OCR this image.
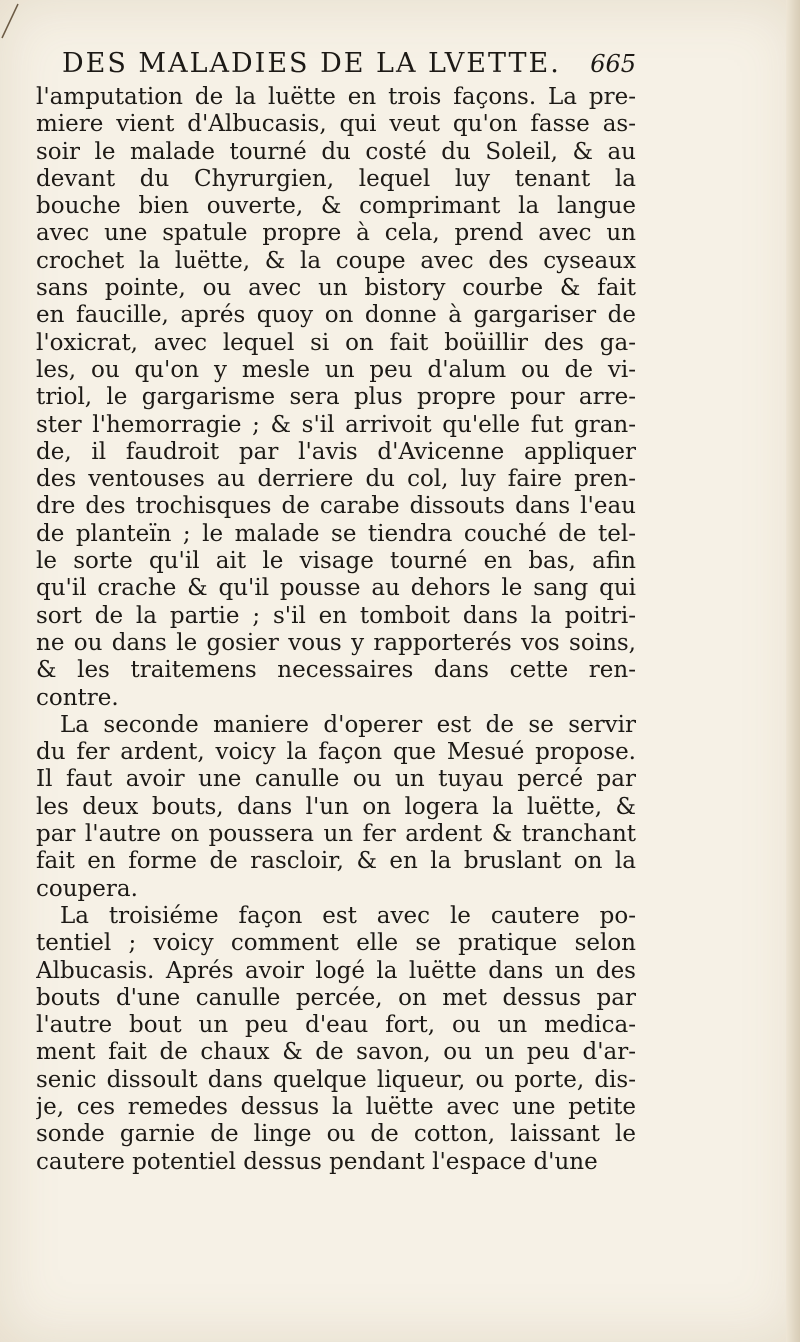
DES MALADIES DE LA LVETTE. 665
l'amputation de la luëtte en trois façons. La pre-
miere vient d'Albucasis, qui veut qu'on fasse as-
soir le malade tourné du costé du Soleil, & au
devant du Chyrurgien, lequel luy tenant la
bouche bien ouverte, & comprimant la langue
avec une spatule propre à cela, prend avec un
crochet la luëtte, & la coupe avec des cyseaux
sans pointe, ou avec un bistory courbe & fait
en faucille, aprés quoy on donne à gargariser de
l'oxicrat, avec lequel si on fait boüillir des ga-
les, ou qu'on y mesle un peu d'alum ou de vi-
triol, le gargarisme sera plus propre pour arre-
ster l'hemorragie ; & s'il arrivoit qu'elle fut gran-
de, il faudroit par l'avis d'Avicenne appliquer
des ventouses au derriere du col, luy faire pren-
dre des trochisques de carabe dissouts dans l'eau
de planteïn ; le malade se tiendra couché de tel-
le sorte qu'il ait le visage tourné en bas, afin
qu'il crache & qu'il pousse au dehors le sang qui
sort de la partie ; s'il en tomboit dans la poitri-
ne ou dans le gosier vous y rapporterés vos soins,
& les traitemens necessaires dans cette ren-
contre.
La seconde maniere d'operer est de se servir
du fer ardent, voicy la façon que Mesué propose.
Il faut avoir une canulle ou un tuyau percé par
les deux bouts, dans l'un on logera la luëtte, &
par l'autre on poussera un fer ardent & tranchant
fait en forme de rascloir, & en la bruslant on la
coupera.
La troisiéme façon est avec le cautere po-
tentiel ; voicy comment elle se pratique selon
Albucasis. Aprés avoir logé la luëtte dans un des
bouts d'une canulle percée, on met dessus par
l'autre bout un peu d'eau fort, ou un medica-
ment fait de chaux & de savon, ou un peu d'ar-
senic dissoult dans quelque liqueur, ou porte, dis-
je, ces remedes dessus la luëtte avec une petite
sonde garnie de linge ou de cotton, laissant le
cautere potentiel dessus pendant l'espace d'une
